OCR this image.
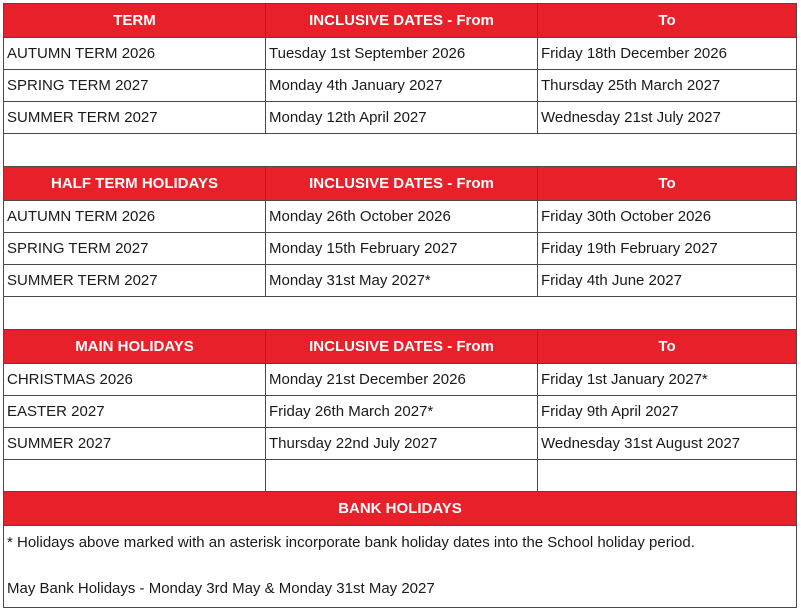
TERM	INCLUSIVE DATES - From	To
AUTUMN TERM 2026	Tuesday 1st September 2026	Friday 18th December 2026
SPRING TERM 2027	Monday 4th January 2027	Thursday 25th March 2027
SUMMER TERM 2027	Monday 12th April 2027	Wednesday 21st July 2027

HALF TERM HOLIDAYS	INCLUSIVE DATES - From	To
AUTUMN TERM 2026	Monday 26th October 2026	Friday 30th October 2026
SPRING TERM 2027	Monday 15th February 2027	Friday 19th February 2027
SUMMER TERM 2027	Monday 31st May 2027*	Friday 4th June 2027

MAIN HOLIDAYS	INCLUSIVE DATES - From	To
CHRISTMAS 2026	Monday 21st December 2026	Friday 1st January 2027*
EASTER 2027	Friday 26th March 2027*	Friday 9th April 2027
SUMMER 2027	Thursday 22nd July 2027	Wednesday 31st August 2027

BANK HOLIDAYS		
* Holidays above marked with an asterisk incorporate bank holiday dates into the School holiday period.
May Bank Holidays - Monday 3rd May & Monday 31st May 2027		
